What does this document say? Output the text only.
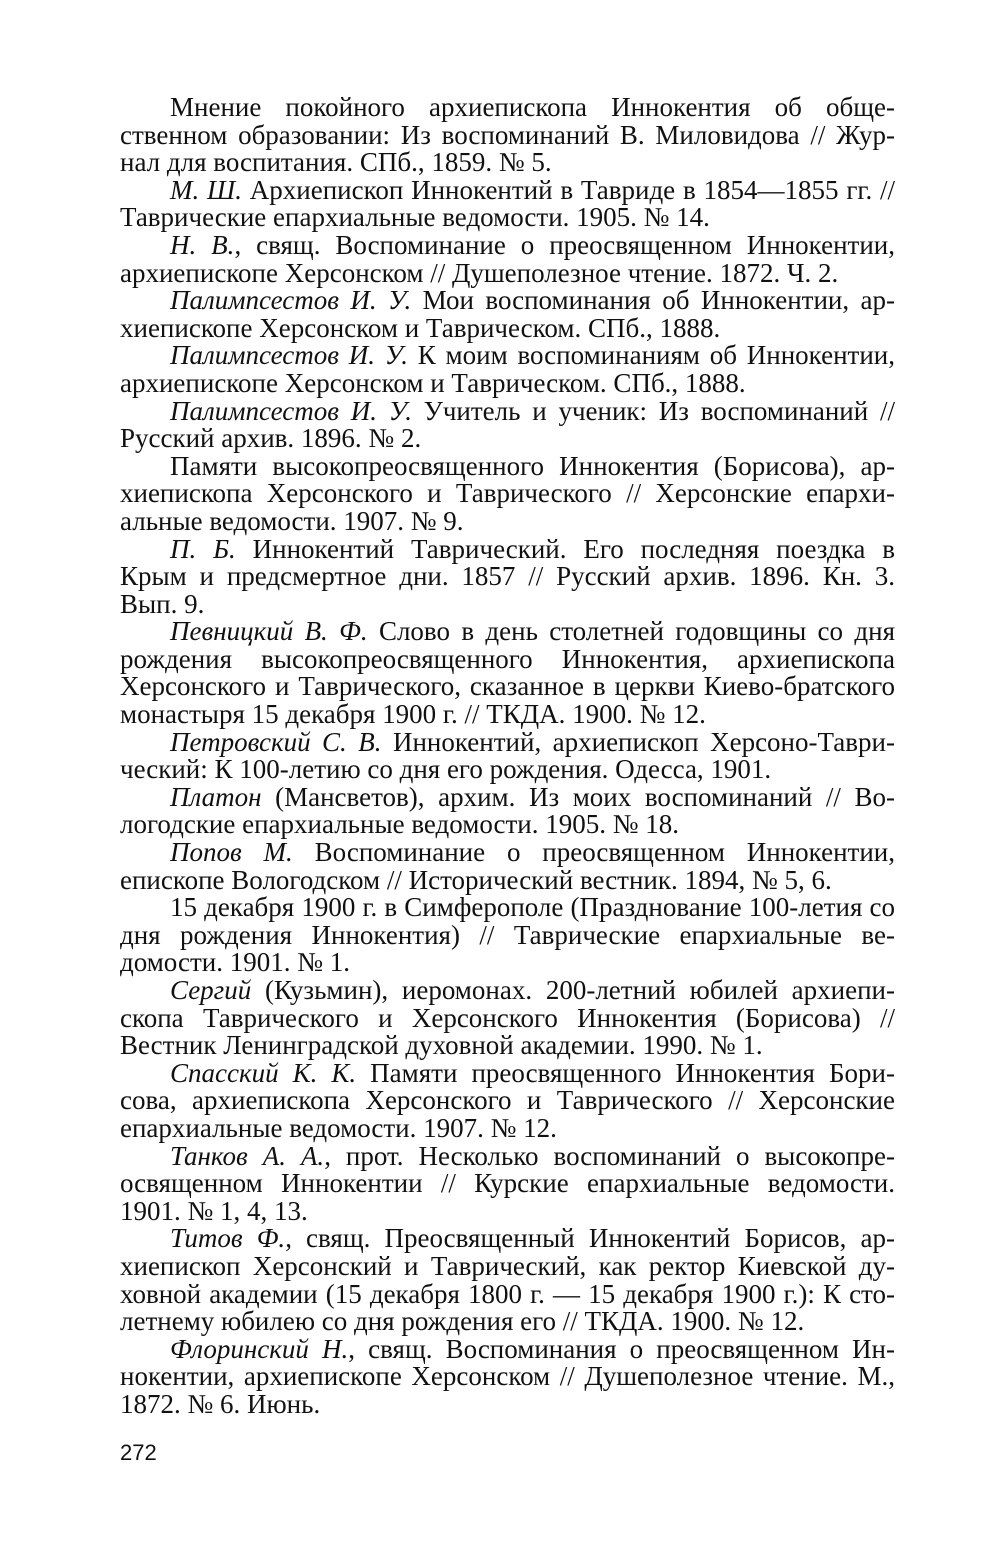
Мнение покойного архиепископа Иннокентия об общественном образовании: Из воспоминаний В. Миловидова // Журнал для воспитания. СПб., 1859. № 5.

М. Ш. Архиепископ Иннокентий в Тавриде в 1854—1855 гг. // Таврические епархиальные ведомости. 1905. № 14.

Н. В., свящ. Воспоминание о преосвященном Иннокентии, архиепископе Херсонском // Душеполезное чтение. 1872. Ч. 2.

Палимпсестов И. У. Мои воспоминания об Иннокентии, архиепископе Херсонском и Таврическом. СПб., 1888.

Палимпсестов И. У. К моим воспоминаниям об Иннокентии, архиепископе Херсонском и Таврическом. СПб., 1888.

Палимпсестов И. У. Учитель и ученик: Из воспоминаний // Русский архив. 1896. № 2.

Памяти высокопреосвященного Иннокентия (Борисова), архиепископа Херсонского и Таврического // Херсонские епархиальные ведомости. 1907. № 9.

П. Б. Иннокентий Таврический. Его последняя поездка в Крым и предсмертное дни. 1857 // Русский архив. 1896. Кн. 3. Вып. 9.

Певницкий В. Ф. Слово в день столетней годовщины со дня рождения высокопреосвященного Иннокентия, архиепископа Херсонского и Таврического, сказанное в церкви Киево-братского монастыря 15 декабря 1900 г. // ТКДА. 1900. № 12.

Петровский С. В. Иннокентий, архиепископ Херсоно-Таврический: К 100-летию со дня его рождения. Одесса, 1901.

Платон (Мансветов), архим. Из моих воспоминаний // Вологодские епархиальные ведомости. 1905. № 18.

Попов М. Воспоминание о преосвященном Иннокентии, епископе Вологодском // Исторический вестник. 1894, № 5, 6.

15 декабря 1900 г. в Симферополе (Празднование 100-летия со дня рождения Иннокентия) // Таврические епархиальные ведомости. 1901. № 1.

Сергий (Кузьмин), иеромонах. 200-летний юбилей архиепископа Таврического и Херсонского Иннокентия (Борисова) // Вестник Ленинградской духовной академии. 1990. № 1.

Спасский К. К. Памяти преосвященного Иннокентия Борисова, архиепископа Херсонского и Таврического // Херсонские епархиальные ведомости. 1907. № 12.

Танков А. А., прот. Несколько воспоминаний о высокопреосвященном Иннокентии // Курские епархиальные ведомости. 1901. № 1, 4, 13.

Титов Ф., свящ. Преосвященный Иннокентий Борисов, архиепископ Херсонский и Таврический, как ректор Киевской духовной академии (15 декабря 1800 г. — 15 декабря 1900 г.): К столетнему юбилею со дня рождения его // ТКДА. 1900. № 12.

Флоринский Н., свящ. Воспоминания о преосвященном Иннокентии, архиепископе Херсонском // Душеполезное чтение. М., 1872. № 6. Июнь.

272
